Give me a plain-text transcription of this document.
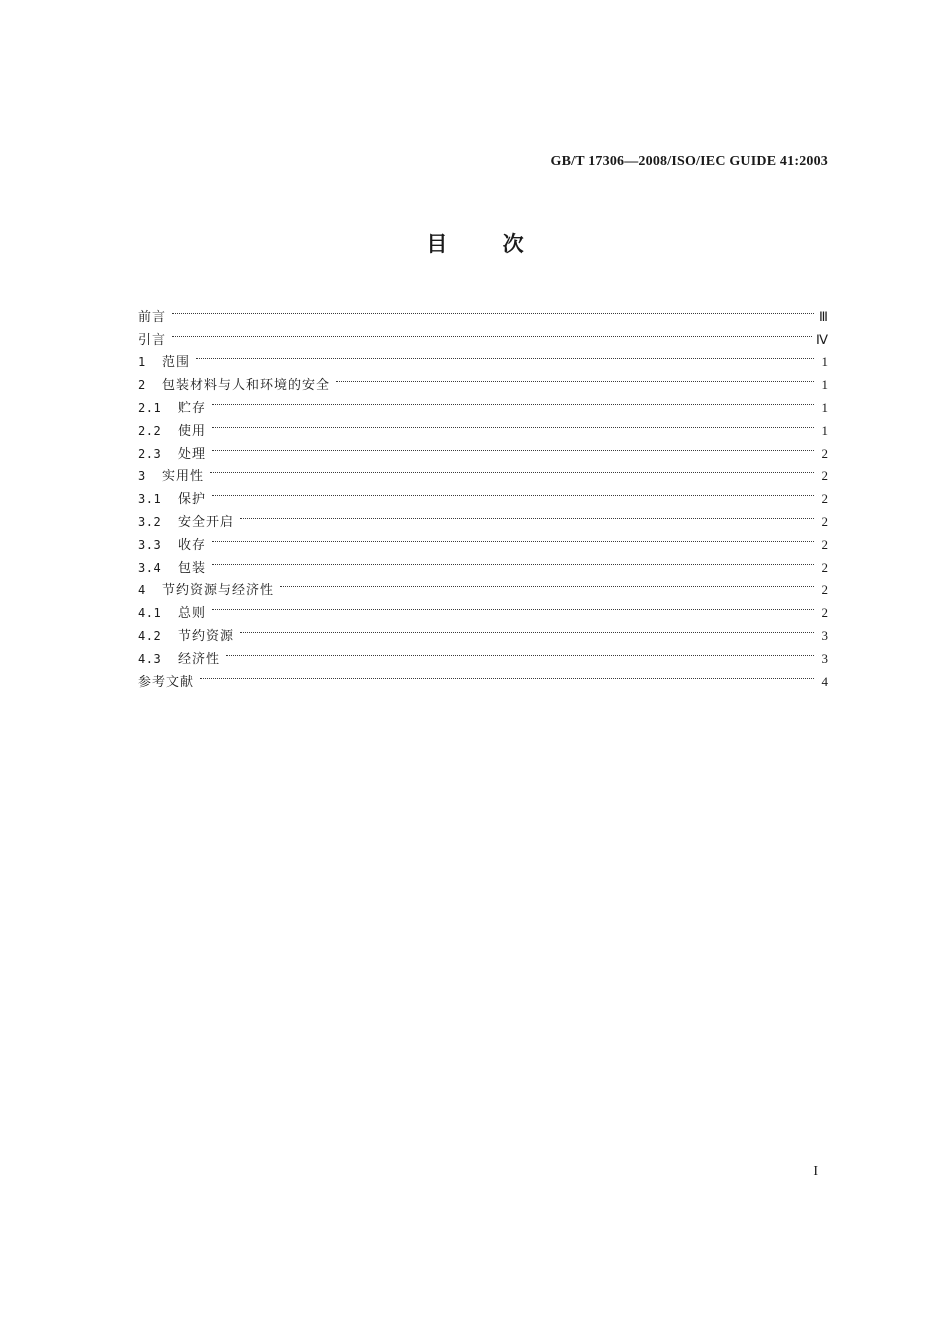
GB/T 17306—2008/ISO/IEC GUIDE 41:2003
目	次
前言	Ⅲ
引言	Ⅳ
1	范围	1
2	包装材料与人和环境的安全	1
2.1	贮存	1
2.2	使用	1
2.3	处理	2
3	实用性	2
3.1	保护	2
3.2	安全开启	2
3.3	收存	2
3.4	包装	2
4	节约资源与经济性	2
4.1	总则	2
4.2	节约资源	3
4.3	经济性	3
参考文献	4
I
